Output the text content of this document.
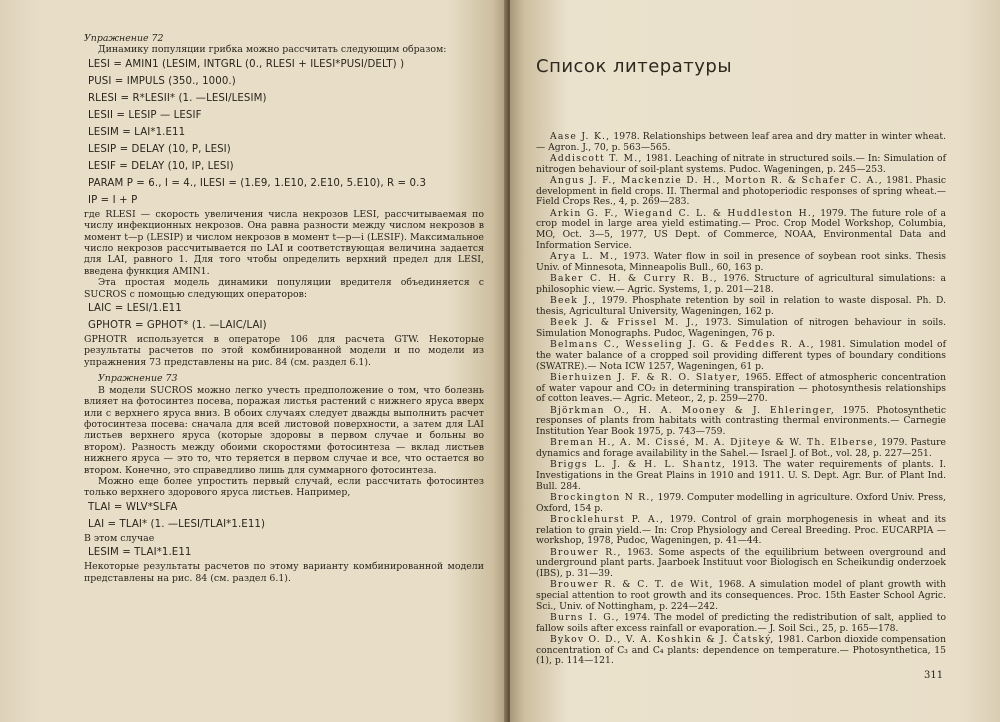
Упражнение 72

Динамику популяции грибка можно рассчитать следующим образом:

LESI = AMIN1 (LESIM, INTGRL (0., RLESI + ILESI*PUSI/DELT) )
PUSI = IMPULS (350., 1000.)
RLESI = R*LESII* (1. —LESI/LESIM)
LESII = LESIP — LESIF
LESIM = LAI*1.E11
LESIP = DELAY (10, P, LESI)
LESIF = DELAY (10, IP, LESI)
PARAM P = 6., I = 4., ILESI = (1.E9, 1.E10, 2.E10, 5.E10), R = 0.3
IP = I + P

где RLESI — скорость увеличения числа некрозов LESI, рассчитываемая по числу инфекционных некрозов. Она равна разности между числом некрозов в момент t—p (LESIP) и числом некрозов в момент t—p—i (LESIF). Максимальное число некрозов рассчитывается по LAI и соответствующая величина задается для LAI, равного 1. Для того чтобы определить верхний предел для LESI, введена функция AMIN1.

Эта простая модель динамики популяции вредителя объединяется с SUCROS с помощью следующих операторов:

LAIC = LESI/1.E11
GPHOTR = GPHOT* (1. —LAIC/LAI)

GPHOTR используется в операторе 106 для расчета GTW. Некоторые результаты расчетов по этой комбинированной модели и по модели из упражнения 73 представлены на рис. 84 (см. раздел 6.1).

Упражнение 73

В модели SUCROS можно легко учесть предположение о том, что болезнь влияет на фотосинтез посева, поражая листья растений с нижнего яруса вверх или с верхнего яруса вниз. В обоих случаях следует дважды выполнить расчет фотосинтеза посева: сначала для всей листовой поверхности, а затем для LAI листьев верхнего яруса (которые здоровы в первом случае и больны во втором). Разность между обоими скоростями фотосинтеза — вклад листьев нижнего яруса — это то, что теряется в первом случае и все, что остается во втором. Конечно, это справедливо лишь для суммарного фотосинтеза.

Можно еще более упростить первый случай, если рассчитать фотосинтез только верхнего здорового яруса листьев. Например,

TLAI = WLV*SLFA
LAI = TLAI* (1. —LESI/TLAI*1.E11)

В этом случае

LESIM = TLAI*1.E11

Некоторые результаты расчетов по этому варианту комбинированной модели представлены на рис. 84 (см. раздел 6.1).

Список литературы

Aase J. K., 1978. Relationships between leaf area and dry matter in winter wheat.— Agron. J., 70, p. 563—565.

Addiscott T. M., 1981. Leaching of nitrate in structured soils.— In: Simulation of nitrogen behaviour of soil-plant systems. Pudoc. Wageningen, p. 245—253.

Angus J. F., Mackenzie D. H., Morton R. & Schafer C. A., 1981. Phasic development in field crops. II. Thermal and photoperiodic responses of spring wheat.— Field Crops Res., 4, p. 269—283.

Arkin G. F., Wiegand C. L. & Huddleston H., 1979. The future role of a crop model in large area yield estimating.— Proc. Crop Model Workshop, Columbia, MO, Oct. 3—5, 1977, US Dept. of Commerce, NOAA, Environmental Data and Information Service.

Arya L. M., 1973. Water flow in soil in presence of soybean root sinks. Thesis Univ. of Minnesota, Minneapolis Bull., 60, 163 p.

Baker C. H. & Curry R. B., 1976. Structure of agricultural simulations: a philosophic view.— Agric. Systems, 1, p. 201—218.

Beek J., 1979. Phosphate retention by soil in relation to waste disposal. Ph. D. thesis, Agricultural University, Wageningen, 162 p.

Beek J. & Frissel M. J., 1973. Simulation of nitrogen behaviour in soils. Simulation Monographs. Pudoc, Wageningen, 76 p.

Belmans C., Wesseling J. G. & Feddes R. A., 1981. Simulation model of the water balance of a cropped soil providing different types of boundary conditions (SWATRE).— Nota ICW 1257, Wageningen, 61 p.

Bierhuizen J. F. & R. O. Slatyer, 1965. Effect of atmospheric concentration of water vapour and CO₂ in determining transpiration — photosynthesis relationships of cotton leaves.— Agric. Meteor., 2, p. 259—270.

Björkman O., H. A. Mooney & J. Ehleringer, 1975. Photosynthetic responses of plants from habitats with contrasting thermal environments.— Carnegie Institution Year Book 1975, p. 743—759.

Breman H., A. M. Cissé, M. A. Djiteye & W. Th. Elberse, 1979. Pasture dynamics and forage availability in the Sahel.— Israel J. of Bot., vol. 28, p. 227—251.

Briggs L. J. & H. L. Shantz, 1913. The water requirements of plants. I. Investigations in the Great Plains in 1910 and 1911. U. S. Dept. Agr. Bur. of Plant Ind. Bull. 284.

Brockington N R., 1979. Computer modelling in agriculture. Oxford Univ. Press, Oxford, 154 p.

Brocklehurst P. A., 1979. Control of grain morphogenesis in wheat and its relation to grain yield.— In: Crop Physiology and Cereal Breeding. Proc. EUCARPIA — workshop, 1978, Pudoc, Wageningen, p. 41—44.

Brouwer R., 1963. Some aspects of the equilibrium between overground and underground plant parts. Jaarboek Instituut voor Biologisch en Scheikundig onderzoek (IBS), p. 31—39.

Brouwer R. & C. T. de Wit, 1968. A simulation model of plant growth with special attention to root growth and its consequences. Proc. 15th Easter School Agric. Sci., Univ. of Nottingham, p. 224—242.

Burns I. G., 1974. The model of predicting the redistribution of salt, applied to fallow soils after excess rainfall or evaporation.— J. Soil Sci., 25, p. 165—178.

Bykov O. D., V. A. Koshkin & J. Čatský, 1981. Carbon dioxide compensation concentration of C₃ and C₄ plants: dependence on temperature.— Photosynthetica, 15 (1), p. 114—121.

311
